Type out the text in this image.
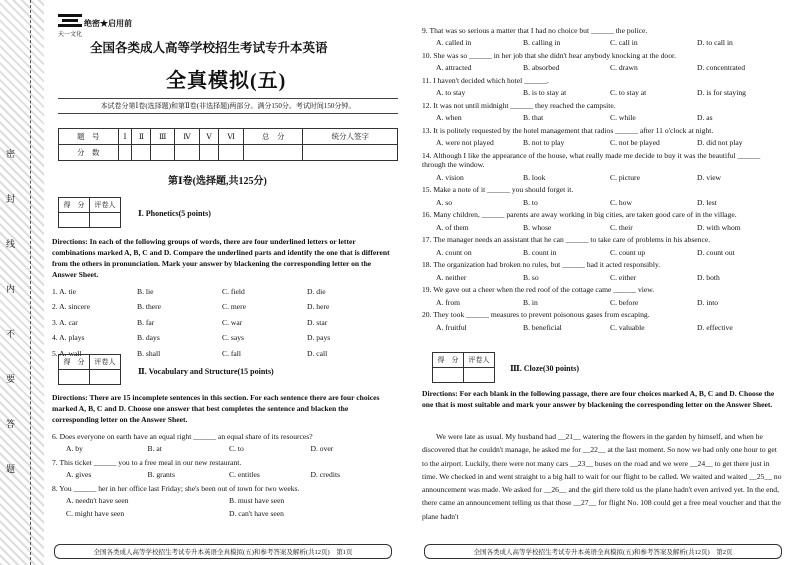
密
封
线
内
不
要
答
题
天一文化
绝密★启用前
全国各类成人高等学校招生考试专升本英语
全真模拟(五)
本试卷分第Ⅰ卷(选择题)和第Ⅱ卷(非选择题)两部分。满分150分。考试时间150分钟。
题　号	Ⅰ	Ⅱ	Ⅲ	Ⅳ	Ⅴ	Ⅵ	总　分	统分人签字
分　数								
第Ⅰ卷(选择题,共125分)
得　分	评卷人

Ⅰ. Phonetics(5 points)
Directions: In each of the following groups of words, there are four underlined letters or letter combinations marked A, B, C and D. Compare the underlined parts and identify the one that is different from the others in pronunciation. Mark your answer by blackening the corresponding letter on the Answer Sheet.
1. A. tie	B. lie	C. field	D. die
2. A. sincere	B. there	C. mere	D. here
3. A. car	B. far	C. war	D. star
4. A. plays	B. days	C. says	D. pays
5. A. wall	B. shall	C. fall	D. call
得　分	评卷人

Ⅱ. Vocabulary and Structure(15 points)
Directions: There are 15 incomplete sentences in this section. For each sentence there are four choices marked A, B, C and D. Choose one answer that best completes the sentence and blacken the corresponding letter on the Answer Sheet.
6. Does everyone on earth have an equal right ______ an equal share of its resources?
A. by	B. at	C. to	D. over
7. This ticket ______ you to a free meal in our new restaurant.
A. gives	B. grants	C. entitles	D. credits
8. You ______ her in her office last Friday; she's been out of town for two weeks.
A. needn't have seen	B. must have seen
C. might have seen	D. can't have seen
全国各类成人高等学校招生考试专升本英语全真模拟(五)和参考答案及解析(共12页)　第1页
9. That was so serious a matter that I had no choice but ______ the police.
A. called in	B. calling in	C. call in	D. to call in
10. She was so ______ in her job that she didn't hear anybody knocking at the door.
A. attracted	B. absorbed	C. drawn	D. concentrated
11. I haven't decided which hotel ______.
A. to stay	B. is to stay at	C. to stay at	D. is for staying
12. It was not until midnight ______ they reached the campsite.
A. when	B. that	C. while	D. as
13. It is politely requested by the hotel management that radios ______ after 11 o'clock at night.
A. were not played	B. not to play	C. not be played	D. did not play
14. Although I like the appearance of the house, what really made me decide to buy it was the beautiful ______ through the window.
A. vision	B. look	C. picture	D. view
15. Make a note of it ______ you should forget it.
A. so	B. to	C. how	D. lest
16. Many children, ______ parents are away working in big cities, are taken good care of in the village.
A. of them	B. whose	C. their	D. with whom
17. The manager needs an assistant that he can ______ to take care of problems in his absence.
A. count on	B. count in	C. count up	D. count out
18. The organization had broken no rules, but ______ had it acted responsibly.
A. neither	B. so	C. either	D. both
19. We gave out a cheer when the red roof of the cottage came ______ view.
A. from	B. in	C. before	D. into
20. They took ______ measures to prevent poisonous gases from escaping.
A. fruitful	B. beneficial	C. valuable	D. effective
得　分	评卷人

Ⅲ. Cloze(30 points)
Directions: For each blank in the following passage, there are four choices marked A, B, C and D. Choose the one that is most suitable and mark your answer by blackening the corresponding letter on the Answer Sheet.
We were late as usual. My husband had __21__ watering the flowers in the garden by himself, and when he discovered that he couldn't manage, he asked me for __22__ at the last moment. So now we had only one hour to get to the airport. Luckily, there were not many cars __23__ buses on the road and we were __24__ to get there just in time. We checked in and went straight to a big hall to wait for our flight to be called. We waited and waited __25__ no announcement was made. We asked for __26__ and the girl there told us the plane hadn't even arrived yet. In the end, there came an announcement telling us that those __27__ for flight No. 108 could get a free meal voucher and that the plane hadn't
全国各类成人高等学校招生考试专升本英语全真模拟(五)和参考答案及解析(共12页)　第2页
